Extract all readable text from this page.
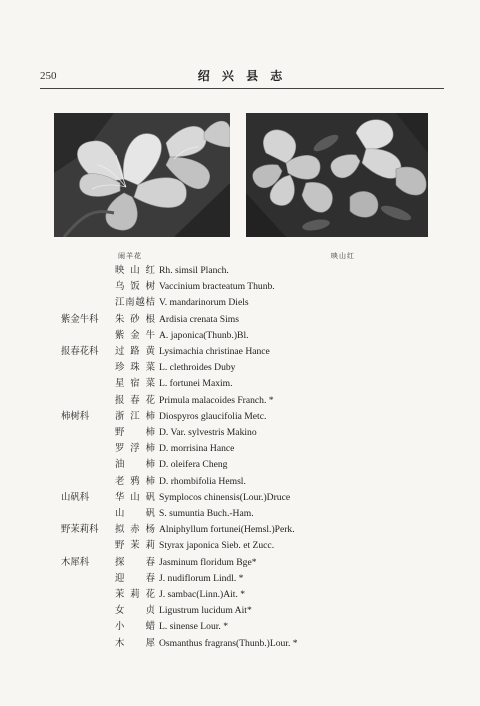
250	绍 兴 县 志
闹羊花	映山红
映山红 Rh. simsil Planch.
乌饭树 Vaccinium bracteatum Thunb.
江南越桔 V. mandarinorum Diels
紫金牛科 朱砂根 Ardisia crenata Sims
紫金牛 A. japonica(Thunb.)Bl.
报春花科 过路黄 Lysimachia christinae Hance
珍珠菜 L. clethroides Duby
星宿菜 L. fortunei Maxim.
报春花 Primula malacoides Franch. *
柿树科	浙江柿 Diospyros glaucifolia Metc.
野 柿 D. Var. sylvestris Makino
罗浮柿 D. morrisina Hance
油 柿 D. oleifera Cheng
老鸦柿 D. rhombifolia Hemsl.
山矾科	华山矾 Symplocos chinensis(Lour.)Druce
山 矾 S. sumuntia Buch.-Ham.
野茉莉科 拟赤杨 Alniphyllum fortunei(Hemsl.)Perk.
野茉莉 Styrax japonica Sieb. et Zucc.
木犀科	探 春 Jasminum floridum Bge*
迎 春 J. nudiflorum Lindl. *
茉莉花 J. sambac(Linn.)Ait. *
女 贞 Ligustrum lucidum Ait*
小 蜡 L. sinense Lour. *
木 犀 Osmanthus fragrans(Thunb.)Lour. *
